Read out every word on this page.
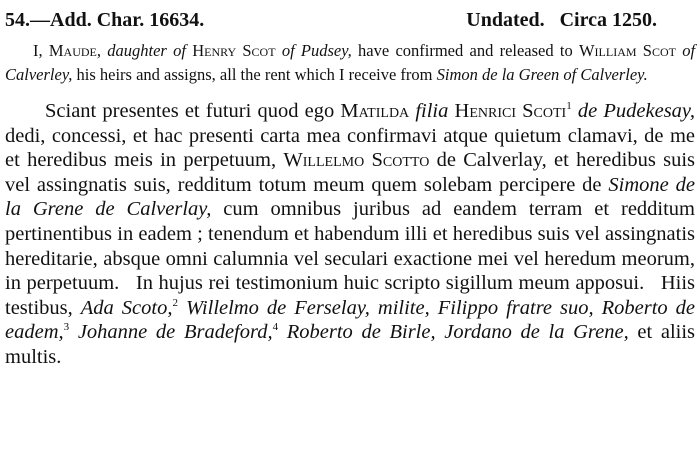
54.—Add. Char. 16634.	Undated.   Circa 1250.
I, Maude, daughter of Henry Scot of Pudsey, have confirmed and released to William Scot of Calverley, his heirs and assigns, all the rent which I receive from Simon de la Green of Calverley.
Sciant presentes et futuri quod ego Matilda filia Henrici Scoti$^1$ de Pudekesay, dedi, concessi, et hac presenti carta mea confirmavi atque quietum clamavi, de me et heredibus meis in perpetuum, Willelmo Scotto de Calverlay, et heredibus suis vel assingnatis suis, redditum totum meum quem solebam percipere de Simone de la Grene de Calverlay, cum omnibus juribus ad eandem terram et redditum pertinentibus in eadem ; tenendum et habendum illi et heredibus suis vel assingnatis hereditarie, absque omni calumnia vel seculari exactione mei vel heredum meorum, in perpetuum.   In hujus rei testimonium huic scripto sigillum meum apposui.   Hiis testibus, Ada Scoto,$^2$ Willelmo de Ferselay, milite, Filippo fratre suo, Roberto de eadem,$^3$ Johanne de Bradeford,$^4$ Roberto de Birle, Jordano de la Grene, et aliis multis.
